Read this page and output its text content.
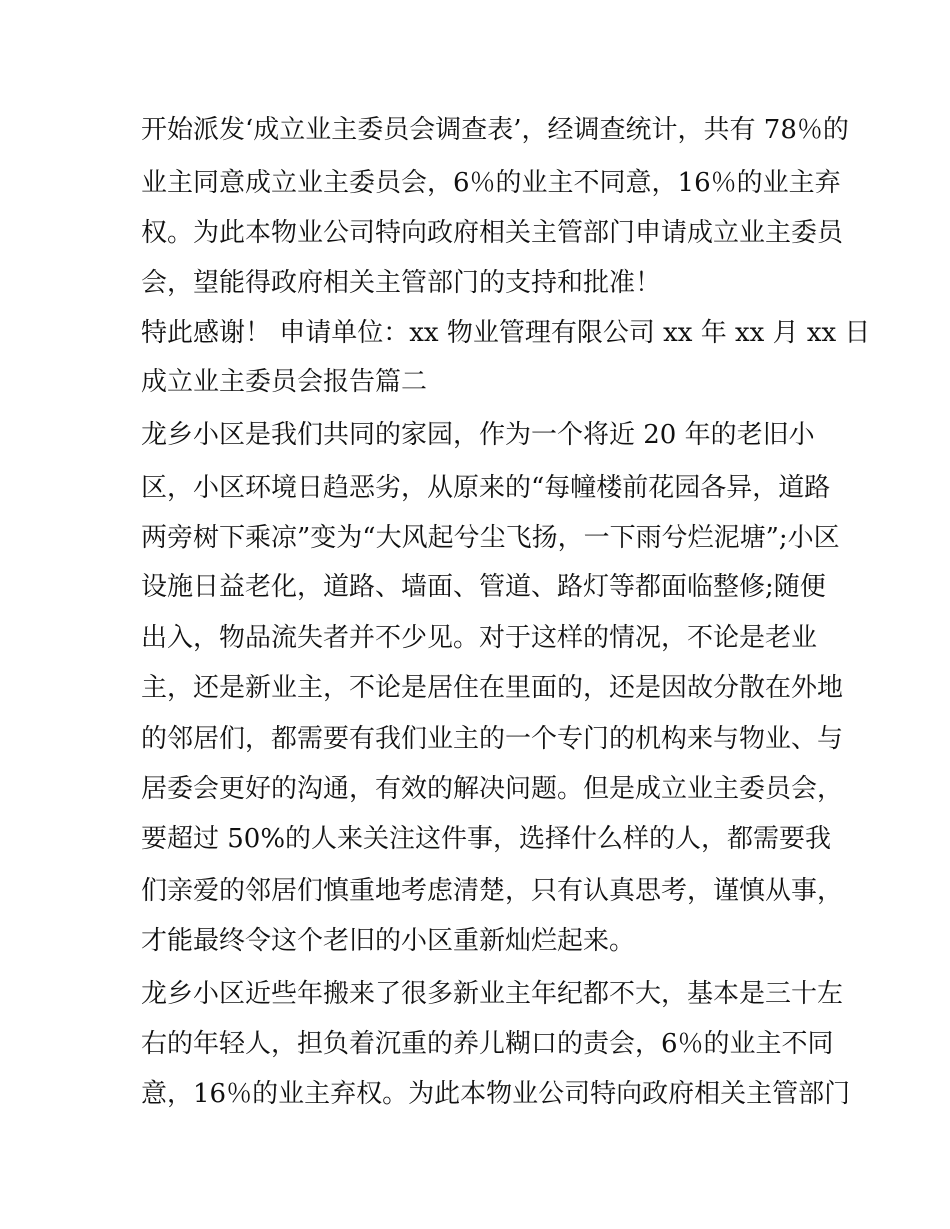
开始派发‘成立业主委员会调查表’，经调查统计，共有 78％的
业主同意成立业主委员会，6％的业主不同意，16％的业主弃
权。为此本物业公司特向政府相关主管部门申请成立业主委员
会，望能得政府相关主管部门的支持和批准！
特此感谢！ 申请单位：xx 物业管理有限公司 xx 年 xx 月 xx 日
成立业主委员会报告篇二
龙乡小区是我们共同的家园，作为一个将近 20 年的老旧小
区，小区环境日趋恶劣，从原来的“每幢楼前花园各异，道路
两旁树下乘凉”变为“大风起兮尘飞扬，一下雨兮烂泥塘”;小区
设施日益老化，道路、墙面、管道、路灯等都面临整修;随便
出入，物品流失者并不少见。对于这样的情况，不论是老业
主，还是新业主，不论是居住在里面的，还是因故分散在外地
的邻居们，都需要有我们业主的一个专门的机构来与物业、与
居委会更好的沟通，有效的解决问题。但是成立业主委员会，
要超过 50%的人来关注这件事，选择什么样的人，都需要我
们亲爱的邻居们慎重地考虑清楚，只有认真思考，谨慎从事，
才能最终令这个老旧的小区重新灿烂起来。
龙乡小区近些年搬来了很多新业主年纪都不大，基本是三十左
右的年轻人，担负着沉重的养儿糊口的责会，6％的业主不同
意，16％的业主弃权。为此本物业公司特向政府相关主管部门
